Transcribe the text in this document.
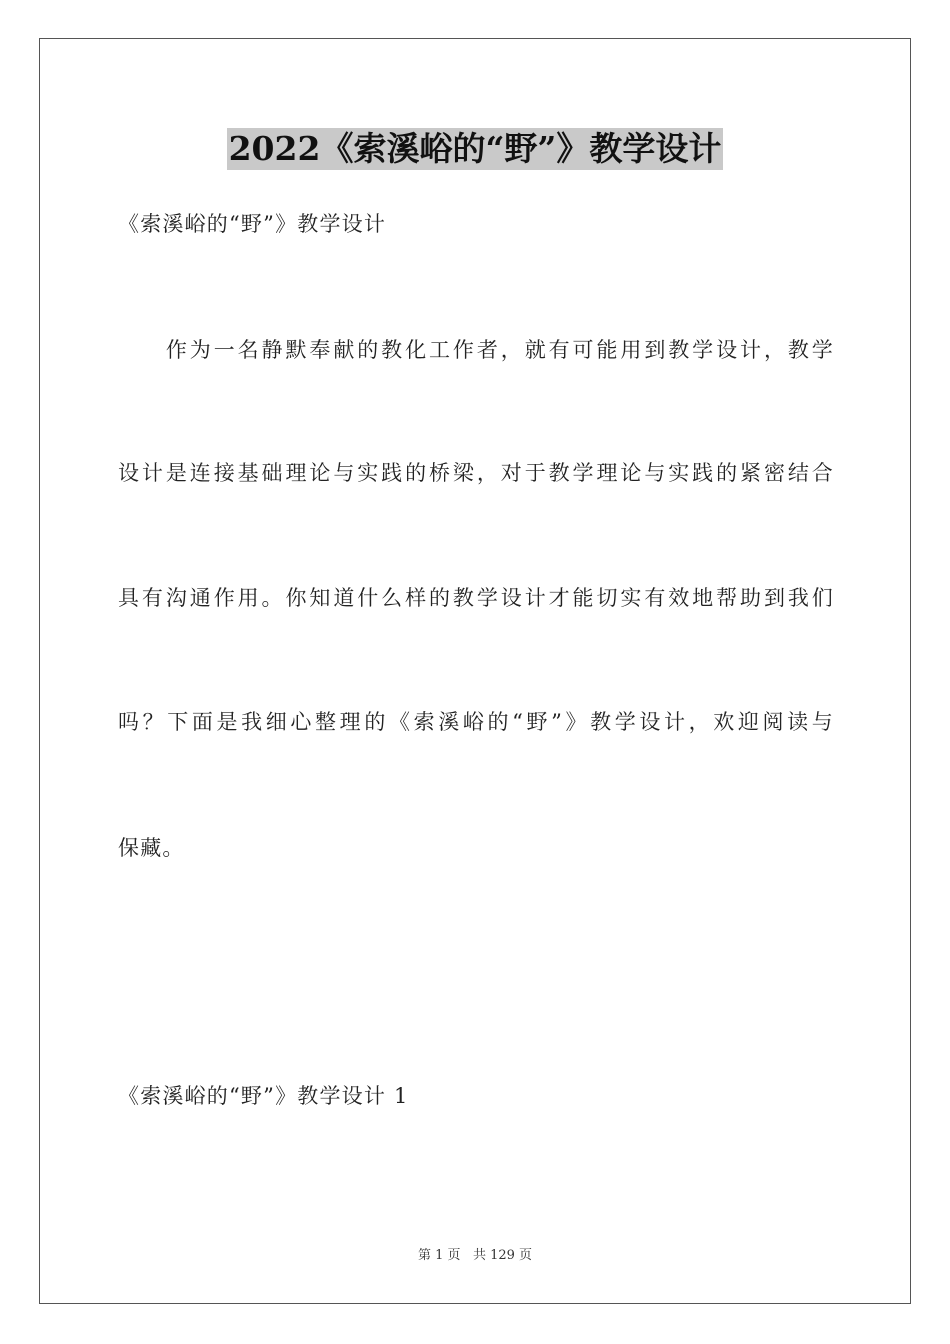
2022《索溪峪的“野”》教学设计
《索溪峪的“野”》教学设计
　　作为一名静默奉献的教化工作者，就有可能用到教学设计，教学
设计是连接基础理论与实践的桥梁，对于教学理论与实践的紧密结合
具有沟通作用。你知道什么样的教学设计才能切实有效地帮助到我们
吗？下面是我细心整理的《索溪峪的“野”》教学设计，欢迎阅读与
保藏。
《索溪峪的“野”》教学设计 1
第 1 页 共 129 页
